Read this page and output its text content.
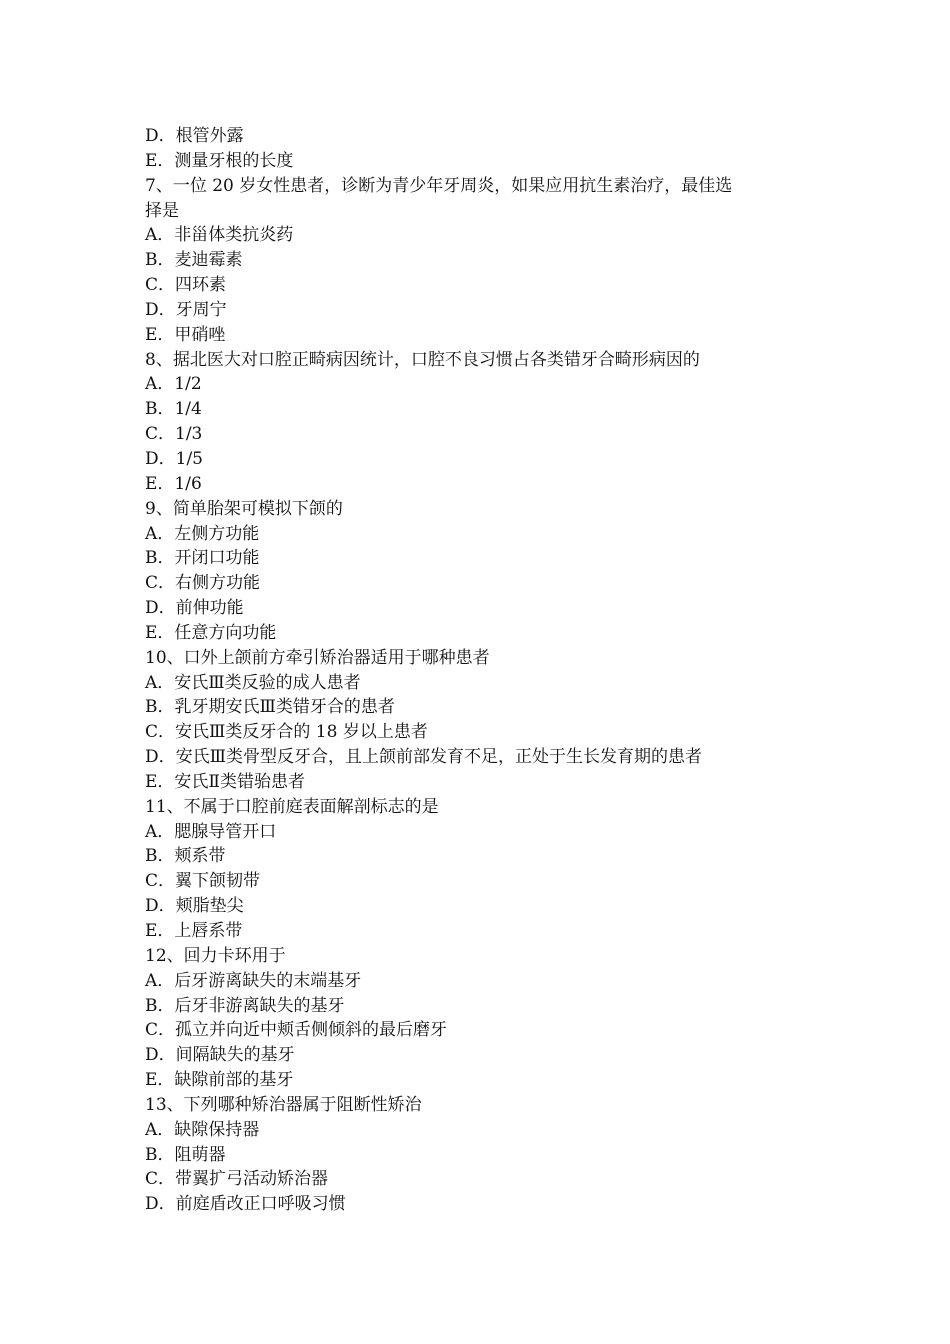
D．根管外露
E．测量牙根的长度
7、一位 20 岁女性患者，诊断为青少年牙周炎，如果应用抗生素治疗，最佳选
择是
A．非甾体类抗炎药
B．麦迪霉素
C．四环素
D．牙周宁
E．甲硝唑
8、据北医大对口腔正畸病因统计，口腔不良习惯占各类错牙合畸形病因的
A．1/2
B．1/4
C．1/3
D．1/5
E．1/6
9、简单胎架可模拟下颌的
A．左侧方功能
B．开闭口功能
C．右侧方功能
D．前伸功能
E．任意方向功能
10、口外上颌前方牵引矫治器适用于哪种患者
A．安氏Ⅲ类反验的成人患者
B．乳牙期安氏Ⅲ类错牙合的患者
C．安氏Ⅲ类反牙合的 18 岁以上患者
D．安氏Ⅲ类骨型反牙合，且上颌前部发育不足，正处于生长发育期的患者
E．安氏Ⅱ类错骀患者
11、不属于口腔前庭表面解剖标志的是
A．腮腺导管开口
B．颊系带
C．翼下颌韧带
D．颊脂垫尖
E．上唇系带
12、回力卡环用于
A．后牙游离缺失的末端基牙
B．后牙非游离缺失的基牙
C．孤立并向近中颊舌侧倾斜的最后磨牙
D．间隔缺失的基牙
E．缺隙前部的基牙
13、下列哪种矫治器属于阻断性矫治
A．缺隙保持器
B．阻萌器
C．带翼扩弓活动矫治器
D．前庭盾改正口呼吸习惯
